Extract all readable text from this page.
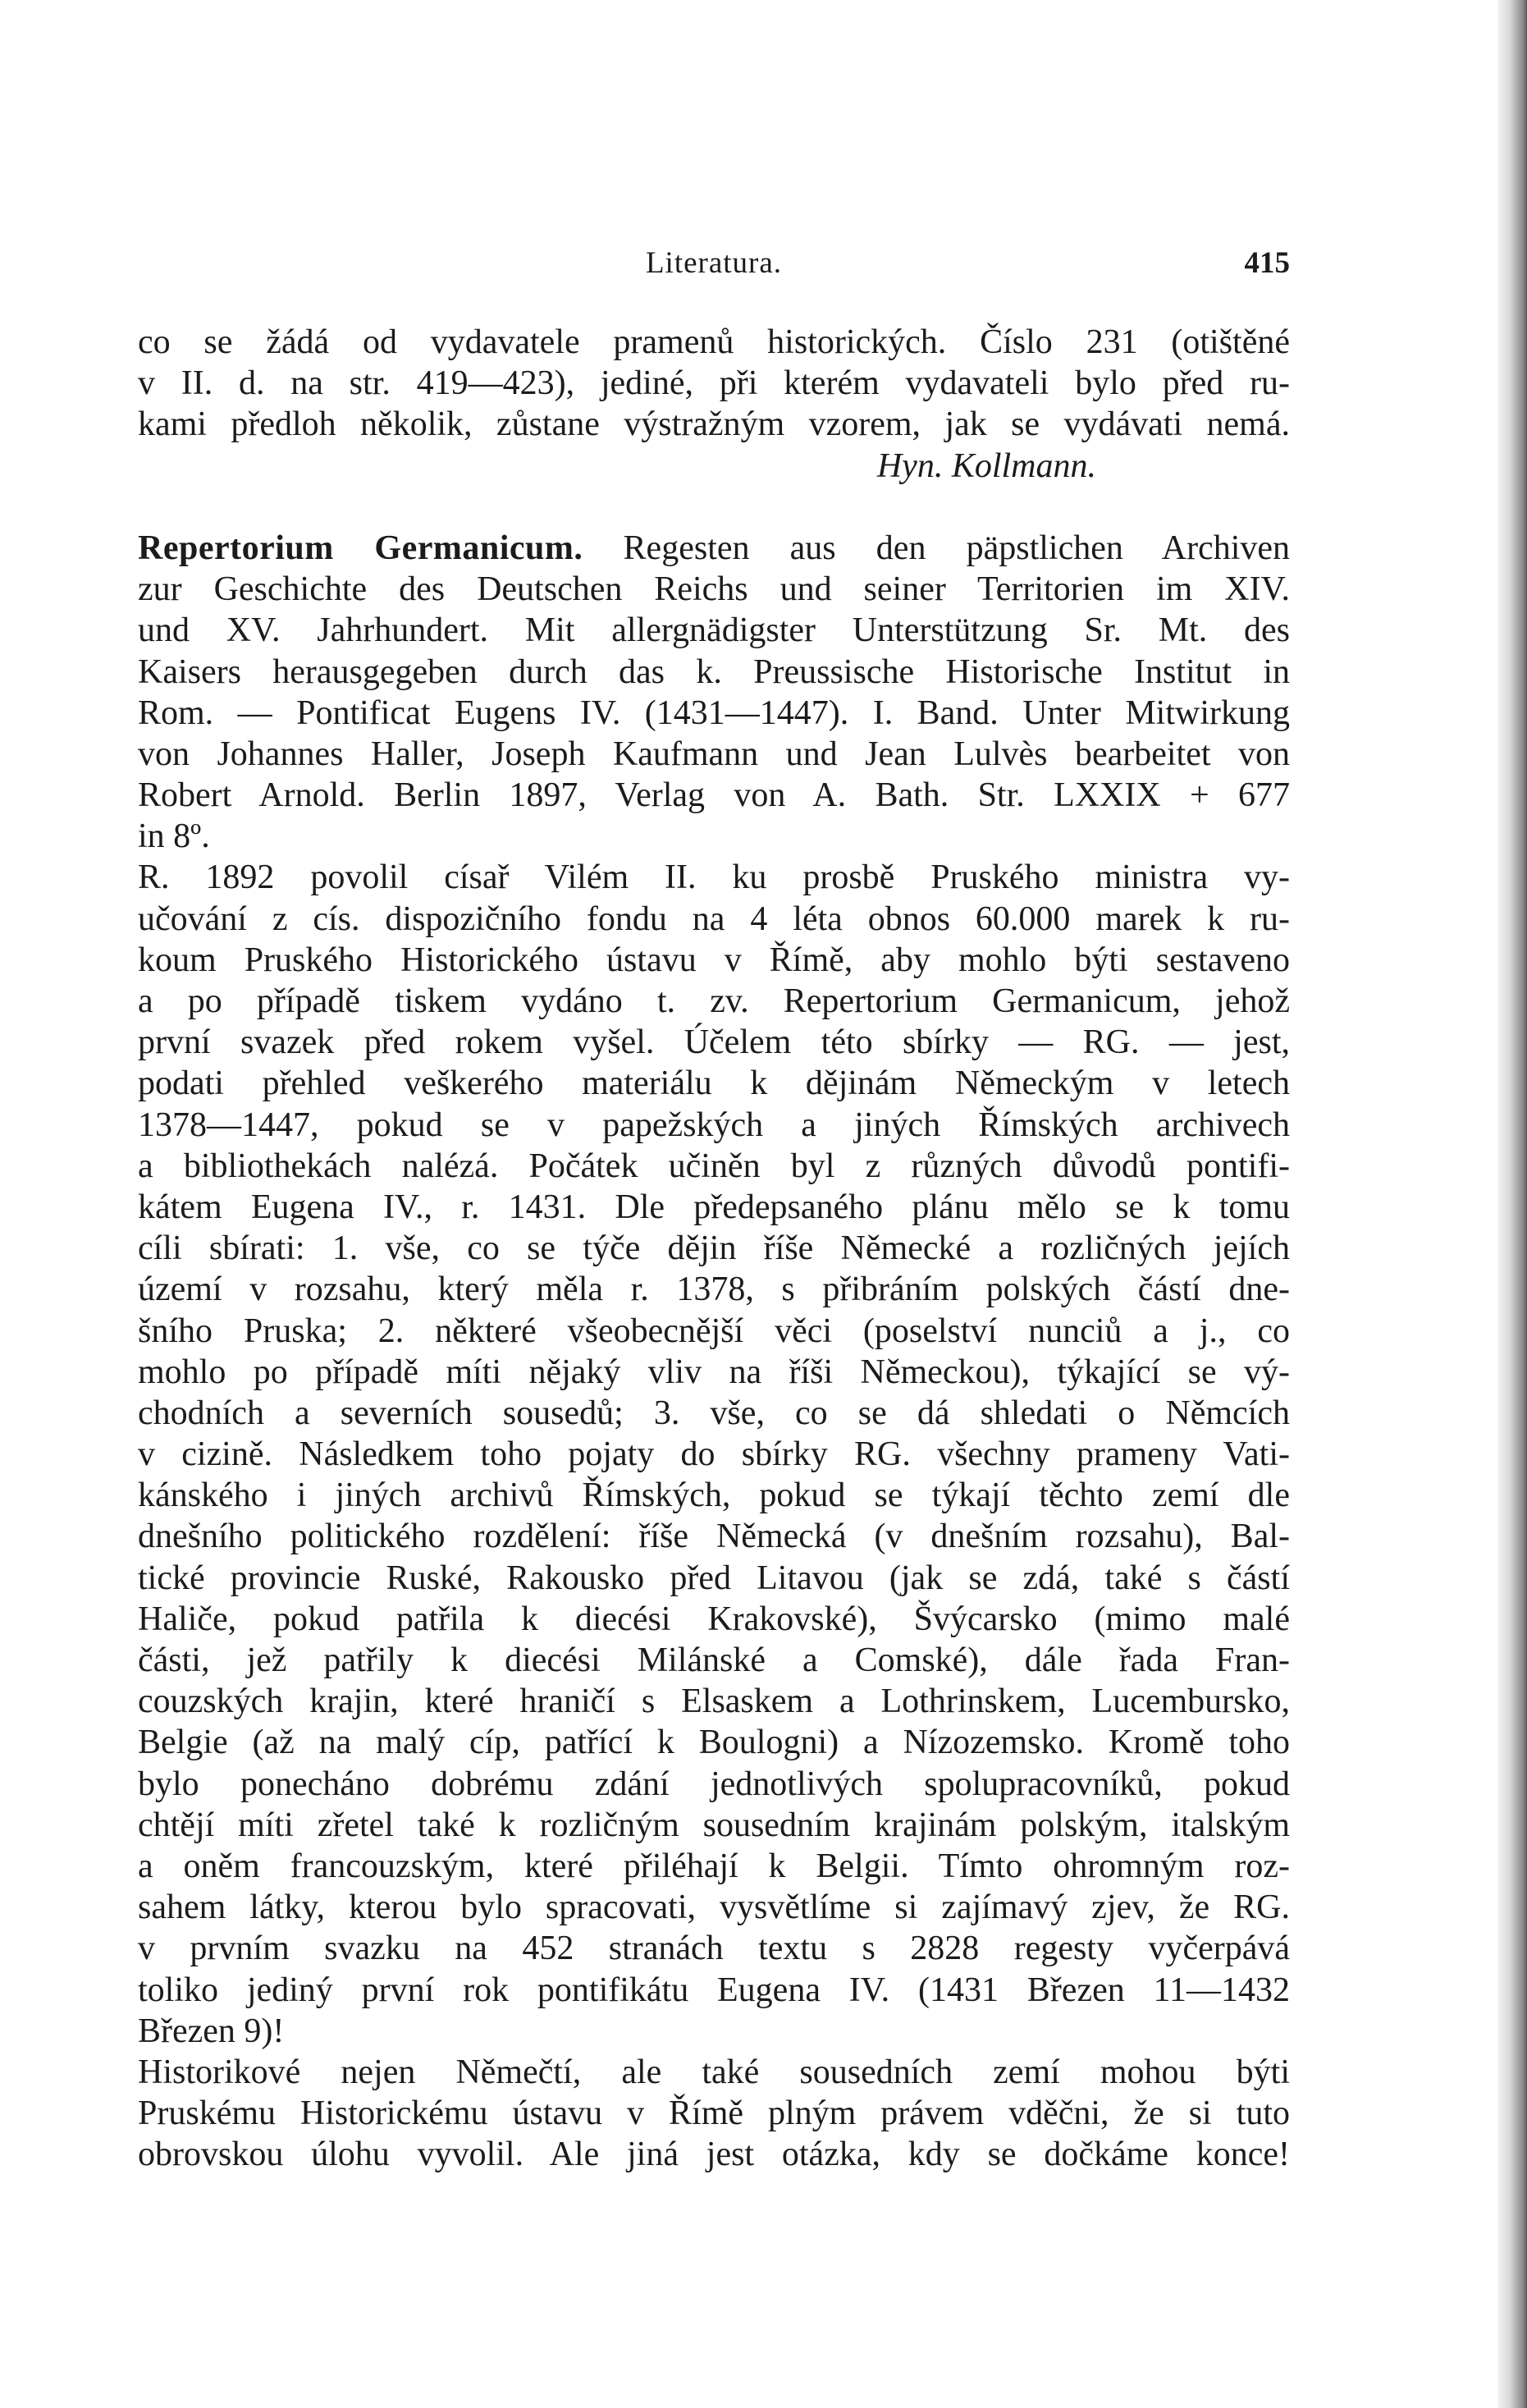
Literatura.	415
co se žádá od vydavatele pramenů historických. Číslo 231 (otištěné
v II. d. na str. 419—423), jediné, při kterém vydavateli bylo před ru-
kami předloh několik, zůstane výstražným vzorem, jak se vydávati nemá.
Hyn. Kollmann.
Repertorium Germanicum. Regesten aus den päpstlichen Archiven
zur Geschichte des Deutschen Reichs und seiner Territorien im XIV.
und XV. Jahrhundert. Mit allergnädigster Unterstützung Sr. Mt. des
Kaisers herausgegeben durch das k. Preussische Historische Institut in
Rom. — Pontificat Eugens IV. (1431—1447). I. Band. Unter Mitwirkung
von Johannes Haller, Joseph Kaufmann und Jean Lulvès bearbeitet von
Robert Arnold. Berlin 1897, Verlag von A. Bath. Str. LXXIX + 677
in 8º.
R. 1892 povolil císař Vilém II. ku prosbě Pruského ministra vy-
učování z cís. dispozičního fondu na 4 léta obnos 60.000 marek k ru-
koum Pruského Historického ústavu v Římě, aby mohlo býti sestaveno
a po případě tiskem vydáno t. zv. Repertorium Germanicum, jehož
první svazek před rokem vyšel. Účelem této sbírky — RG. — jest,
podati přehled veškerého materiálu k dějinám Německým v letech
1378—1447, pokud se v papežských a jiných Římských archivech
a bibliothekách nalézá. Počátek učiněn byl z různých důvodů pontifi-
kátem Eugena IV., r. 1431. Dle předepsaného plánu mělo se k tomu
cíli sbírati: 1. vše, co se týče dějin říše Německé a rozličných jejích
území v rozsahu, který měla r. 1378, s přibráním polských částí dne-
šního Pruska; 2. některé všeobecnější věci (poselství nunciů a j., co
mohlo po případě míti nějaký vliv na říši Německou), týkající se vý-
chodních a severních sousedů; 3. vše, co se dá shledati o Němcích
v cizině. Následkem toho pojaty do sbírky RG. všechny prameny Vati-
kánského i jiných archivů Římských, pokud se týkají těchto zemí dle
dnešního politického rozdělení: říše Německá (v dnešním rozsahu), Bal-
tické provincie Ruské, Rakousko před Litavou (jak se zdá, také s částí
Haliče, pokud patřila k diecési Krakovské), Švýcarsko (mimo malé
části, jež patřily k diecési Milánské a Comské), dále řada Fran-
couzských krajin, které hraničí s Elsaskem a Lothrinskem, Lucembursko,
Belgie (až na malý cíp, patřící k Boulogni) a Nízozemsko. Kromě toho
bylo ponecháno dobrému zdání jednotlivých spolupracovníků, pokud
chtějí míti zřetel také k rozličným sousedním krajinám polským, italským
a oněm francouzským, které přiléhají k Belgii. Tímto ohromným roz-
sahem látky, kterou bylo spracovati, vysvětlíme si zajímavý zjev, že RG.
v prvním svazku na 452 stranách textu s 2828 regesty vyčerpává
toliko jediný první rok pontifikátu Eugena IV. (1431 Březen 11—1432
Březen 9)!
Historikové nejen Němečtí, ale také sousedních zemí mohou býti
Pruskému Historickému ústavu v Římě plným právem vděčni, že si tuto
obrovskou úlohu vyvolil. Ale jiná jest otázka, kdy se dočkáme konce!
